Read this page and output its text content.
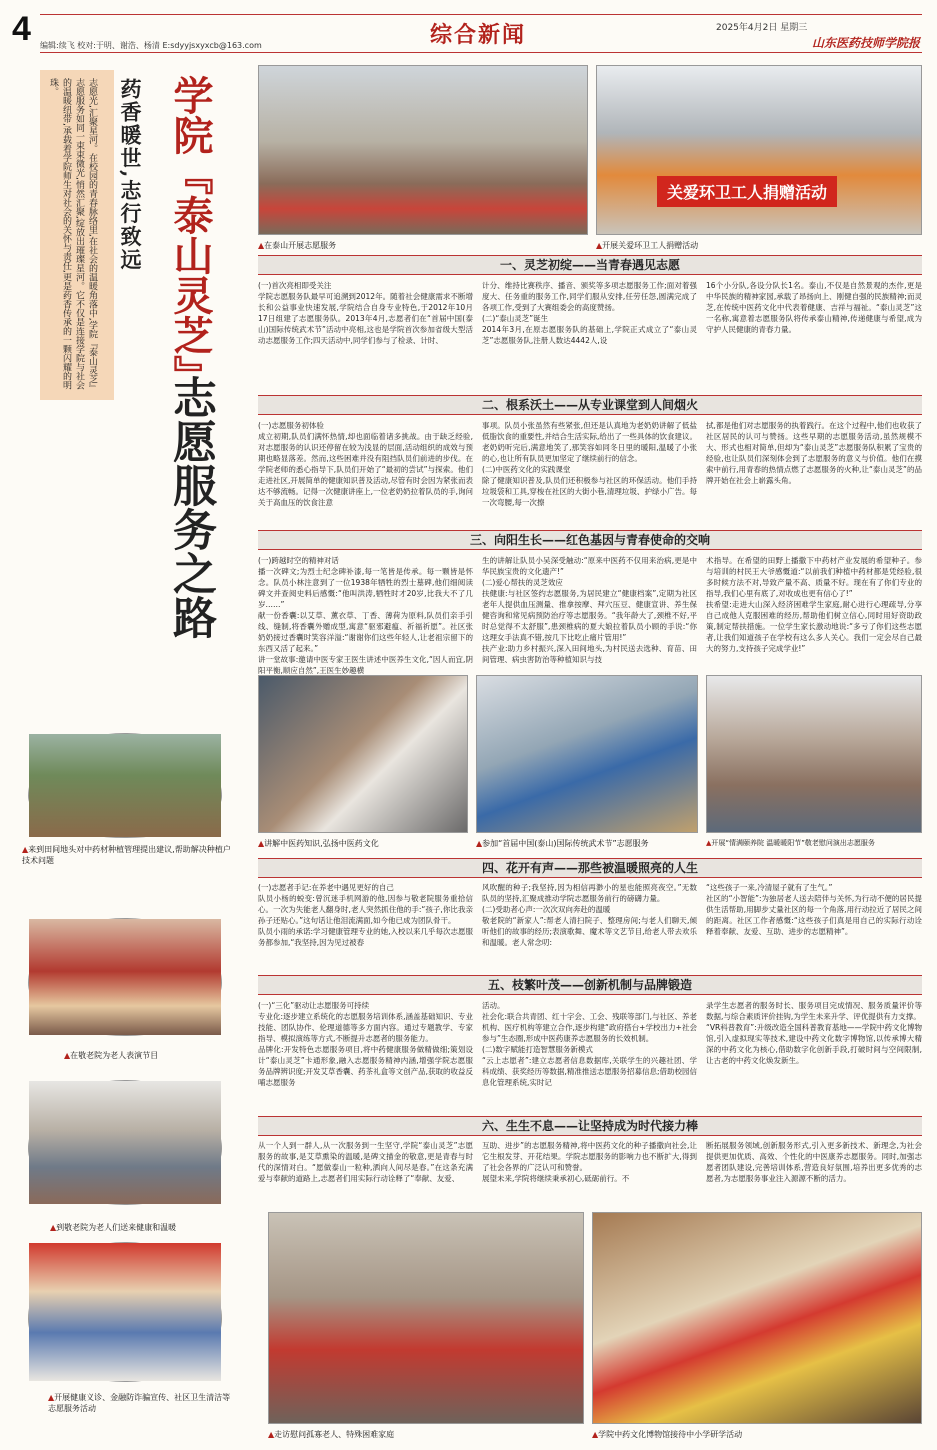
4 编辑:续飞 校对:于明、谢浩、杨清 E:sdyyjsxyxcb@163.com	综合新闻	2025年4月2日 星期三
山东医药技师学院报
志愿光,汇聚星河。在校园的青春脉络里,在社会的温暖角落中,学院『泰山灵芝』志愿服务如同一束束微光,悄然汇聚,绽放出璀璨星河。它不仅是连接学院与社会的温暖纽带,承载着学院师生对社会的关怀与责任,更是药香传承的一颗闪耀的明珠。	药香暖世,志行致远 学院『泰山灵芝』
志愿服务之路
▲在泰山开展志愿服务
关爱环卫工人捐赠活动
▲开展关爱环卫工人捐赠活动
一、灵芝初绽——当青春遇见志愿
(一)首次亮相即受关注
学院志愿服务队最早可追溯到2012年。随着社会健康需求不断增长和公益事业快速发展,学院结合自身专业特色,于2012年10月17日组建了志愿服务队。2013年4月,志愿者们在“首届中国(泰山)国际传统武术节”活动中亮相,这也是学院首次参加省级大型活动志愿服务工作;四天活动中,同学们参与了检录、计时、
计分、维持比赛秩序、播音、颁奖等多项志愿服务工作;面对着强度大、任务重的服务工作,同学们服从安排,任劳任怨,圆满完成了各项工作,受到了大赛组委会的高度赞扬。
(二)“泰山灵芝”诞生
2014年3月,在原志愿服务队的基础上,学院正式成立了“泰山灵芝”志愿服务队,注册人数达4442人,设
16个小分队,各设分队长1名。泰山,不仅是自然景观的杰作,更是中华民族的精神家园,承载了昂扬向上、刚健自强的民族精神;而灵芝,在传统中医药文化中代表着健康、吉祥与福祉。“泰山灵芝”这一名称,寓意着志愿服务队将传承泰山精神,传递健康与希望,成为守护人民健康的青春力量。
二、根系沃土——从专业课堂到人间烟火
(一)志愿服务初体验
成立初期,队员们满怀热情,却也面临着诸多挑战。由于缺乏经验,对志愿服务的认识还停留在较为浅显的层面,活动组织的成效与预期也略显落差。然而,这些困难并没有阻挡队员们前进的步伐。在学院老师的悉心指导下,队员们开始了“最初的尝试”与探索。他们走进社区,开展简单的健康知识普及活动,尽管有时会因为紧张而表达不够流畅。记得一次健康讲座上,一位老奶奶拉着队员的手,询问关于高血压的饮食注意
事项。队员小张虽然有些紧张,但还是认真地为老奶奶讲解了低盐低脂饮食的重要性,并结合生活实际,给出了一些具体的饮食建议。老奶奶听完后,满意地笑了,那笑容如同冬日里的暖阳,温暖了小张的心,也让所有队员更加坚定了继续前行的信念。
(二)中医药文化的实践课堂
除了健康知识普及,队员们还积极参与社区的环保活动。他们手持垃圾袋和工具,穿梭在社区的大街小巷,清理垃圾、护绿小广告。每一次弯腰,每一次擦
拭,都是他们对志愿服务的执着践行。在这个过程中,他们也收获了社区居民的认可与赞扬。这些早期的志愿服务活动,虽然规模不大、形式也相对简单,但却为“泰山灵芝”志愿服务队积累了宝贵的经验,也让队员们深刻体会到了志愿服务的意义与价值。他们在摸索中前行,用青春的热情点燃了志愿服务的火种,让“泰山灵芝”的品牌开始在社会上崭露头角。
三、向阳生长——红色基因与青春使命的交响
(一)跨越时空的精神对话
播一次碑文;为烈士纪念碑补漆,每一笔皆是传承。每一颗皆是怀念。队员小林注意到了一位1938年牺牲的烈士墓碑,他们细阅读碑文并查阅史料后感慨:“他叫洪涛,牺牲时才20岁,比我大不了几岁……”
献一份香囊:以艾草、薰衣草、丁香、薄荷为原料,队员们亲手引线、缝制,将香囊外赠成型,寓意“驱邪避瘟、祈福祈愿”。社区张奶奶接过香囊时笑容洋溢:“谢谢你们这些年轻人,让老祖宗留下的东西又活了起来。”
讲一堂故事:邀请中医专家王医生讲述中医养生文化,“因人而宜,阴阳平衡,顺应自然”,王医生妙趣横
生的讲解让队员小吴深受触动:“原来中医药不仅用来治病,更是中华民族宝贵的文化遗产!”
(二)爱心帮扶的灵芝效应
扶健康:与社区签约志愿服务,为居民建立“健康档案”,定期为社区老年人提供血压测量、推拿按摩、拜穴压豆、健康宣讲、养生保健咨询和常见病预防治疗等志愿服务。“我年龄大了,颈椎不好,平时总觉得不太舒服”,患颈椎病的夏大娘拉着队员小顾的手说:“你这理女手法真不错,按几下比吃止痛片管用!”
扶产业:助力乡村振兴,深入田间地头,为村民送去选种、育苗、田间管理、病虫害防治等种植知识与技
术指导。在希望的田野上播撒下中药材产业发展的希望种子。参与培训的村民王大爷感慨道:“以前我们种植中药材都是凭经验,很多时候方法不对,导致产量不高、质量不好。现在有了你们专业的指导,我们心里有底了,对收成也更有信心了!”
扶希望:走进大山深入经济困难学生家庭,耐心进行心理疏导,分享自己成他人克服困难的经历,帮助他们树立信心,同时用好资助政策,制定帮扶措施。一位学生家长激动地说:“多亏了你们这些志愿者,让我们知道孩子在学校有这么多人关心。我们一定会尽自己最大的努力,支持孩子完成学业!”
▲讲解中医药知识,弘扬中医药文化	▲参加“首届中国(泰山)国际传统武术节”志愿服务	▲开展“情满颐养院 温暖暖阳节”敬老慰问演出志愿服务
四、花开有声——那些被温暖照亮的人生
(一)志愿者手记:在养老中遇见更好的自己
队员小杨的蜕变:曾沉迷手机网游的他,因参与敬老院服务重拾信心。一次为失能老人翻身时,老人突然抓住他的手:“孩子,你比我亲孙子还贴心。”这句话让他泪流满面,如今他已成为团队骨干。
队员小雨的承诺:学习健康管理专业的她,入校以来几乎每次志愿服务都参加,“我坚持,因为见过被春
风吹醒的种子;我坚持,因为相信再渺小的星也能照亮夜空。”无数队员的坚持,汇聚成推动学院志愿服务前行的磅礴力量。
(二)受助者心声:一次次双向奔赴的温暖
敬老院的“新家人”:帮老人清扫院子、整理房间;与老人们聊天,倾听他们的故事的经历;表演歌舞、魔术等文艺节目,给老人带去欢乐和温暖。老人常念叨:
“这些孩子一来,冷清屋子就有了生气。”
社区的“小智能”:为独居老人送去陪伴与关怀,为行动不便的居民提供生活帮助,用脚步丈量社区的每一个角落,用行动拉近了居民之间的距离。社区工作者感慨:“这些孩子们真是用自己的实际行动诠释着奉献、友爱、互助、进步的志愿精神”。
五、枝繁叶茂——创新机制与品牌锻造
(一)“三化”驱动让志愿服务可持续
专业化:逐步建立系统化的志愿服务培训体系,涵盖基础知识、专业技能、团队协作、伦理道德等多方面内容。通过专题教学、专家指导、模拟演练等方式,不断提升志愿者的服务能力。
品牌化:开发特色志愿服务项目,将中药健康服务做精做细;策划设计“泰山灵芝”卡通形象,融入志愿服务精神内涵,增强学院志愿服务品牌辨识度;开发艾草香囊、药茶礼盒等文创产品,获取的收益反哺志愿服务
活动。
社会化:联合共青团、红十字会、工会、残联等部门,与社区、养老机构、医疗机构等建立合作,逐步构建“政府搭台+学校出力+社会参与”生态圈,形成中医药康养志愿服务的长效机制。
(二)数字赋能打造智慧服务新模式
“云上志愿者”:建立志愿者信息数据库,关联学生的兴趣社团、学科成绩、获奖经历等数据,精准推送志愿服务招募信息;借助校园信息化管理系统,实时记
录学生志愿者的服务时长、服务项目完成情况、服务质量评价等数据,与综合素质评价挂钩,为学生未来升学、评优提供有力支撑。
“VR科普教育”:升级改造全国科普教育基地——学院中药文化博物馆,引入虚拟现实等技术,建设中药文化数字博物馆,以传承博大精深的中药文化为核心,借助数字化创新手段,打破时间与空间限制,让古老的中药文化焕发新生。
六、生生不息——让坚持成为时代接力棒
从一个人到一群人,从一次服务到一生坚守,学院“泰山灵芝”志愿服务的故事,是艾草熏染的温暖,是碑文描金的敬意,更是青春与时代的深情对白。“愿做泰山一粒种,洒向人间尽是春。”在这条充满爱与奉献的道路上,志愿者们用实际行动诠释了“奉献、友爱、
互助、进步”的志愿服务精神,将中医药文化的种子播撒向社会,让它生根发芽、开花结果。学院志愿服务的影响力也不断扩大,得到了社会各界的广泛认可和赞誉。
展望未来,学院将继续秉承初心,砥砺前行。不
断拓展服务领域,创新服务形式,引入更多新技术、新理念,为社会提供更加优质、高效、个性化的中医康养志愿服务。同时,加强志愿者团队建设,完善培训体系,营造良好氛围,培养出更多优秀的志愿者,为志愿服务事业注入源源不断的活力。
▲走访慰问孤寡老人、特殊困难家庭	▲学院中药文化博物馆接待中小学研学活动
▲来到田间地头对中药材种植管理提出建议,帮助解决种植户技术问题
▲在敬老院为老人表演节目
▲到敬老院为老人们送来健康和温暖
▲开展健康义诊、金融防诈骗宣传、社区卫生清洁等志愿服务活动
